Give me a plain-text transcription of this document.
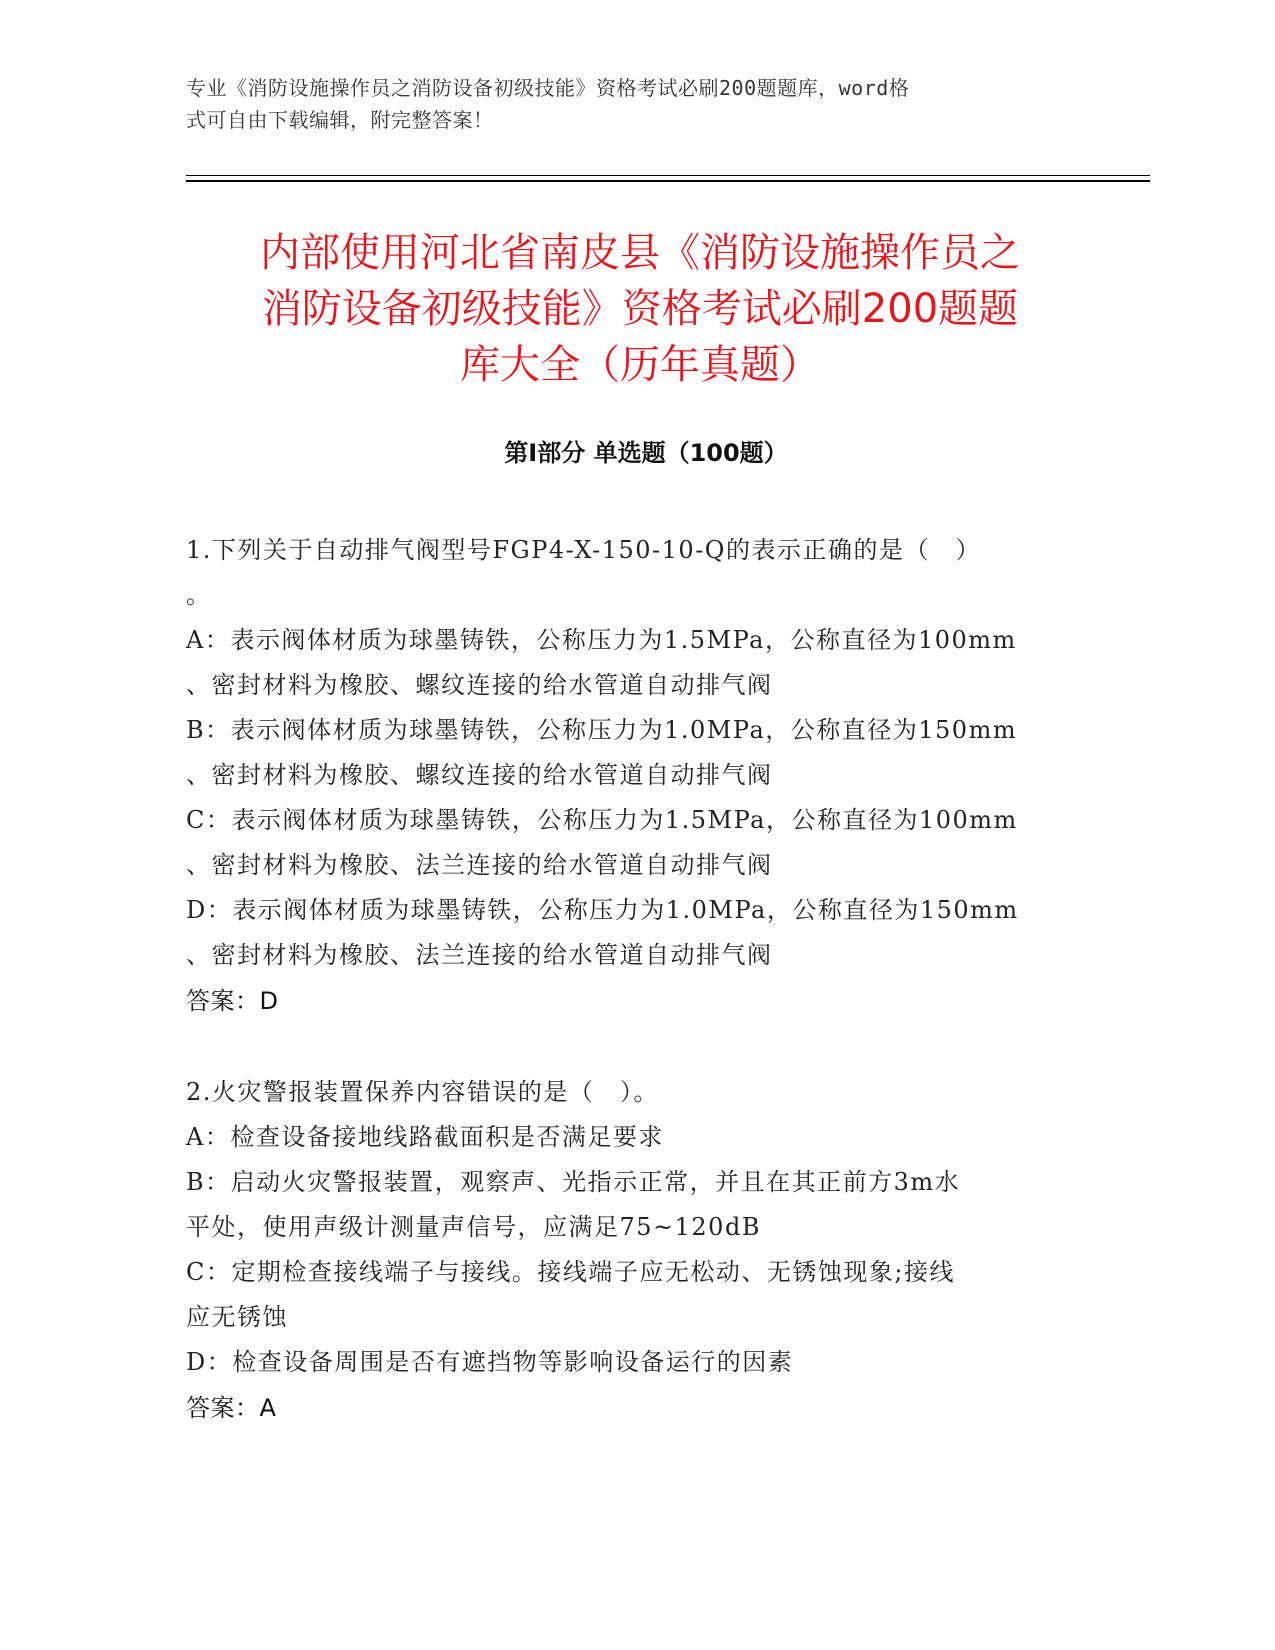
专业《消防设施操作员之消防设备初级技能》资格考试必刷200题题库，word格
式可自由下载编辑，附完整答案！
内部使用河北省南皮县《消防设施操作员之
消防设备初级技能》资格考试必刷200题题
库大全（历年真题）
第Ⅰ部分 单选题（100题）
1.下列关于自动排气阀型号FGP4-X-150-10-Q的表示正确的是（　）
。
A：表示阀体材质为球墨铸铁，公称压力为1.5MPa，公称直径为100mm
、密封材料为橡胶、螺纹连接的给水管道自动排气阀
B：表示阀体材质为球墨铸铁，公称压力为1.0MPa，公称直径为150mm
、密封材料为橡胶、螺纹连接的给水管道自动排气阀
C：表示阀体材质为球墨铸铁，公称压力为1.5MPa，公称直径为100mm
、密封材料为橡胶、法兰连接的给水管道自动排气阀
D：表示阀体材质为球墨铸铁，公称压力为1.0MPa，公称直径为150mm
、密封材料为橡胶、法兰连接的给水管道自动排气阀
答案：D
2.火灾警报装置保养内容错误的是（　）。
A：检查设备接地线路截面积是否满足要求
B：启动火灾警报装置，观察声、光指示正常，并且在其正前方3m水
平处，使用声级计测量声信号，应满足75~120dB
C：定期检查接线端子与接线。接线端子应无松动、无锈蚀现象;接线
应无锈蚀
D：检查设备周围是否有遮挡物等影响设备运行的因素
答案：A
